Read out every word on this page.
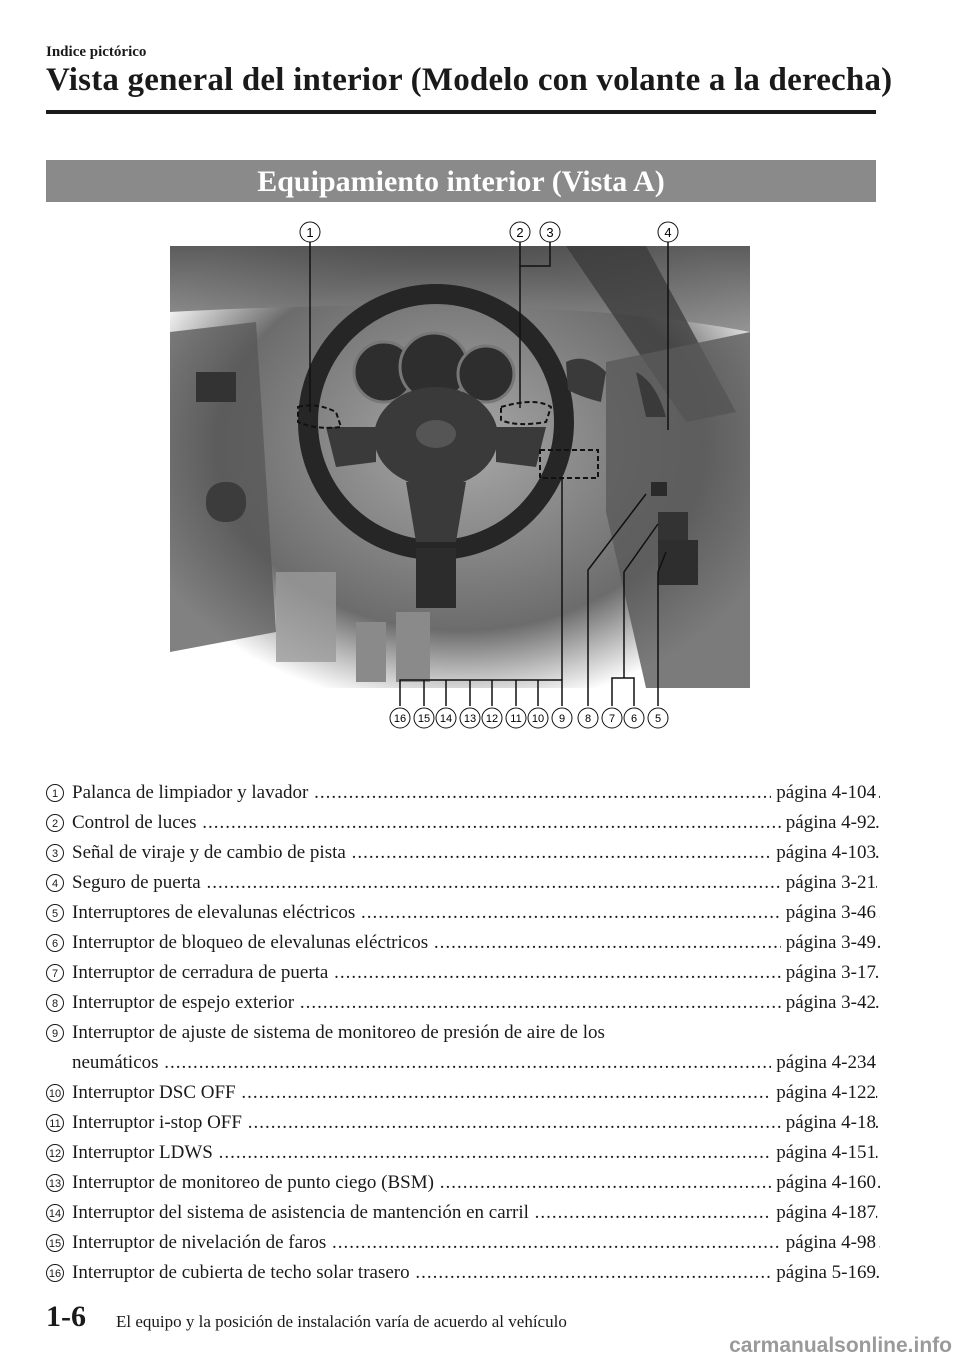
Indice pictórico
Vista general del interior (Modelo con volante a la derecha)
Equipamiento interior (Vista A)
1	2 3	4
16 15 14 13 12 11 10 9 8 7 6 5
1 Palanca de limpiador y lavador .....	página 4-104
2 Control de luces .....	página 4-92
3 Señal de viraje y de cambio de pista .....	página 4-103
4 Seguro de puerta .....	página 3-21
5 Interruptores de elevalunas eléctricos .....	página 3-46
6 Interruptor de bloqueo de elevalunas eléctricos .....	página 3-49
7 Interruptor de cerradura de puerta .....	página 3-17
8 Interruptor de espejo exterior .....	página 3-42
9 Interruptor de ajuste de sistema de monitoreo de presión de aire de los
neumáticos .....	página 4-234
10 Interruptor DSC OFF .....	página 4-122
11 Interruptor i-stop OFF .....	página 4-18
12 Interruptor LDWS .....	página 4-151
13 Interruptor de monitoreo de punto ciego (BSM) .....	página 4-160
14 Interruptor del sistema de asistencia de mantención en carril .....	página 4-187
15 Interruptor de nivelación de faros .....	página 4-98
16 Interruptor de cubierta de techo solar trasero .....	página 5-169
1-6 El equipo y la posición de instalación varía de acuerdo al vehículo
carmanualsonline.info
